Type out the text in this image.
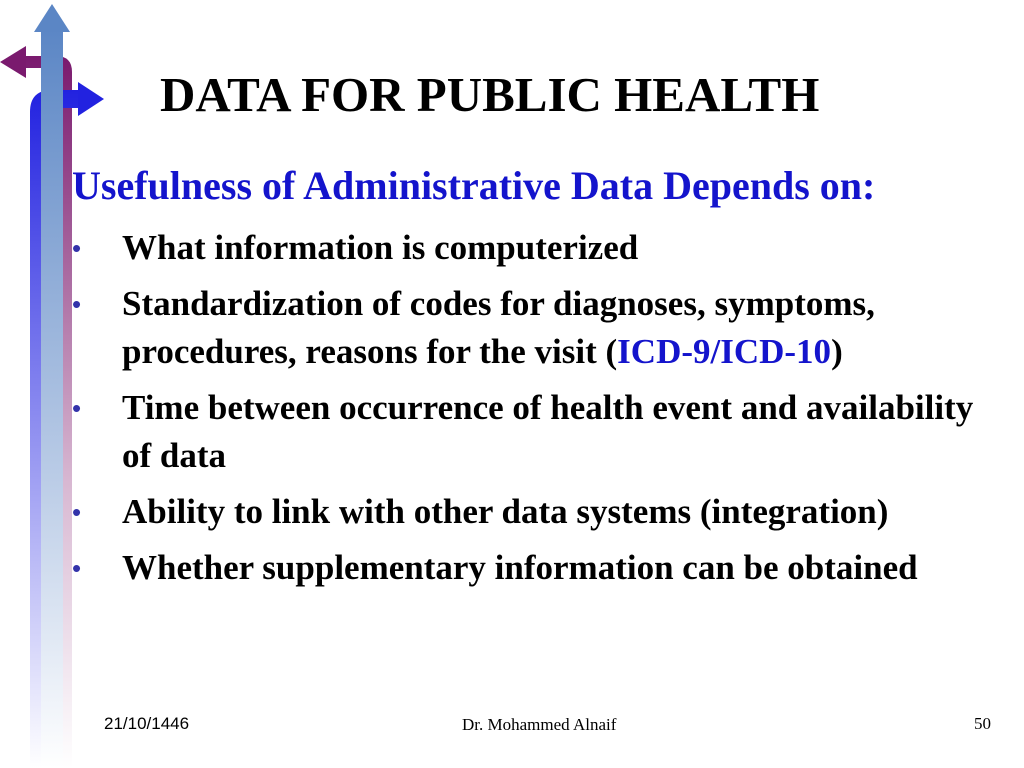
DATA FOR PUBLIC HEALTH
Usefulness of Administrative Data Depends on:
• What information is computerized
• Standardization of codes for diagnoses, symptoms, procedures, reasons for the visit (ICD-9/ICD-10)
• Time between occurrence of health event and availability of data
• Ability to link with other data systems (integration)
• Whether supplementary information can be obtained
21/10/1446	Dr. Mohammed Alnaif	50
